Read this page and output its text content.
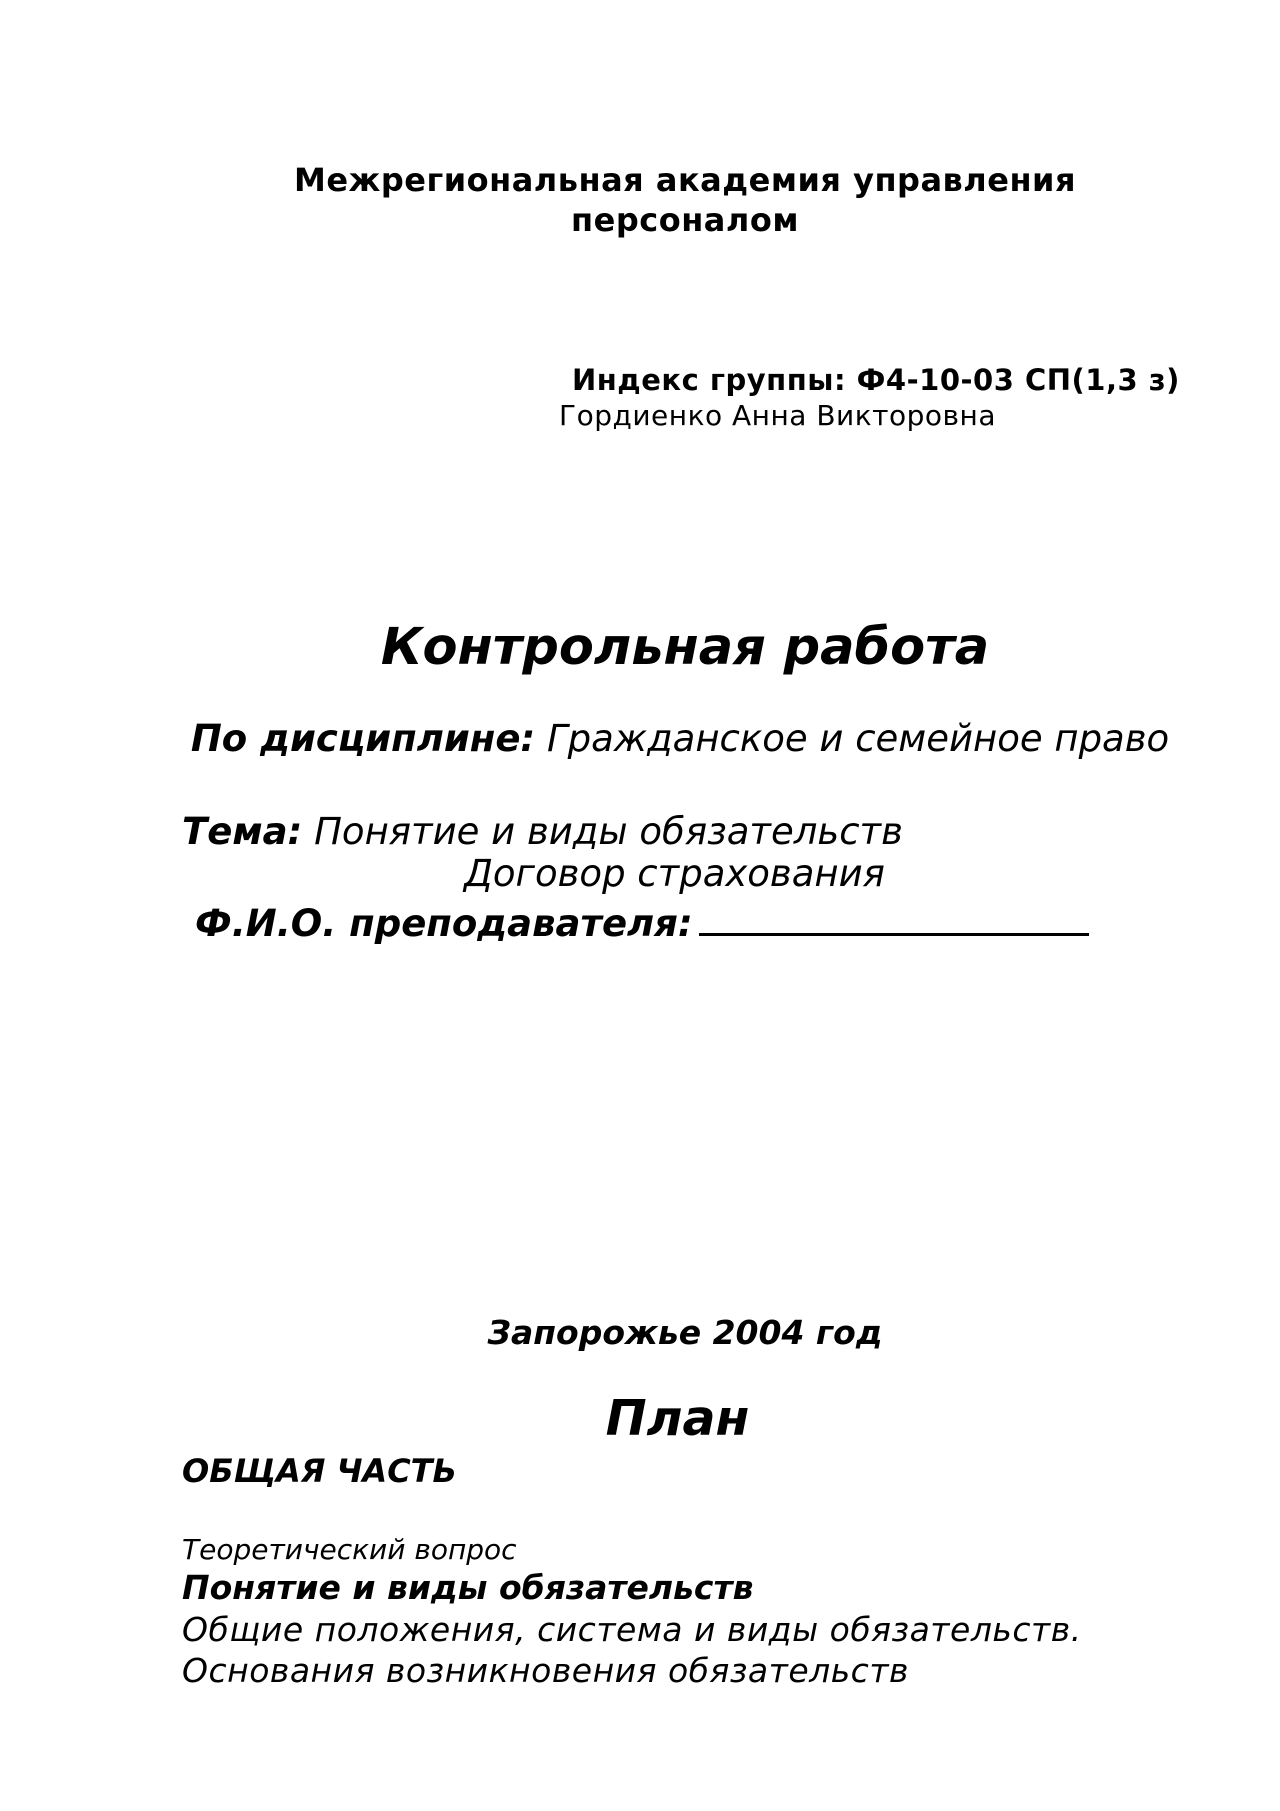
Межрегиональная академия управления
персоналом
Индекс группы: Ф4-10-03 СП(1,3 з)
Гордиенко Анна Викторовна
Контрольная работа
По дисциплине: Гражданское и семейное право
Тема: Понятие и виды обязательств
Договор страхования
Ф.И.О. преподавателя:
Запорожье 2004 год
План
ОБЩАЯ ЧАСТЬ
Теоретический вопрос
Понятие и виды обязательств
Общие положения, система и виды обязательств.
Основания возникновения обязательств
